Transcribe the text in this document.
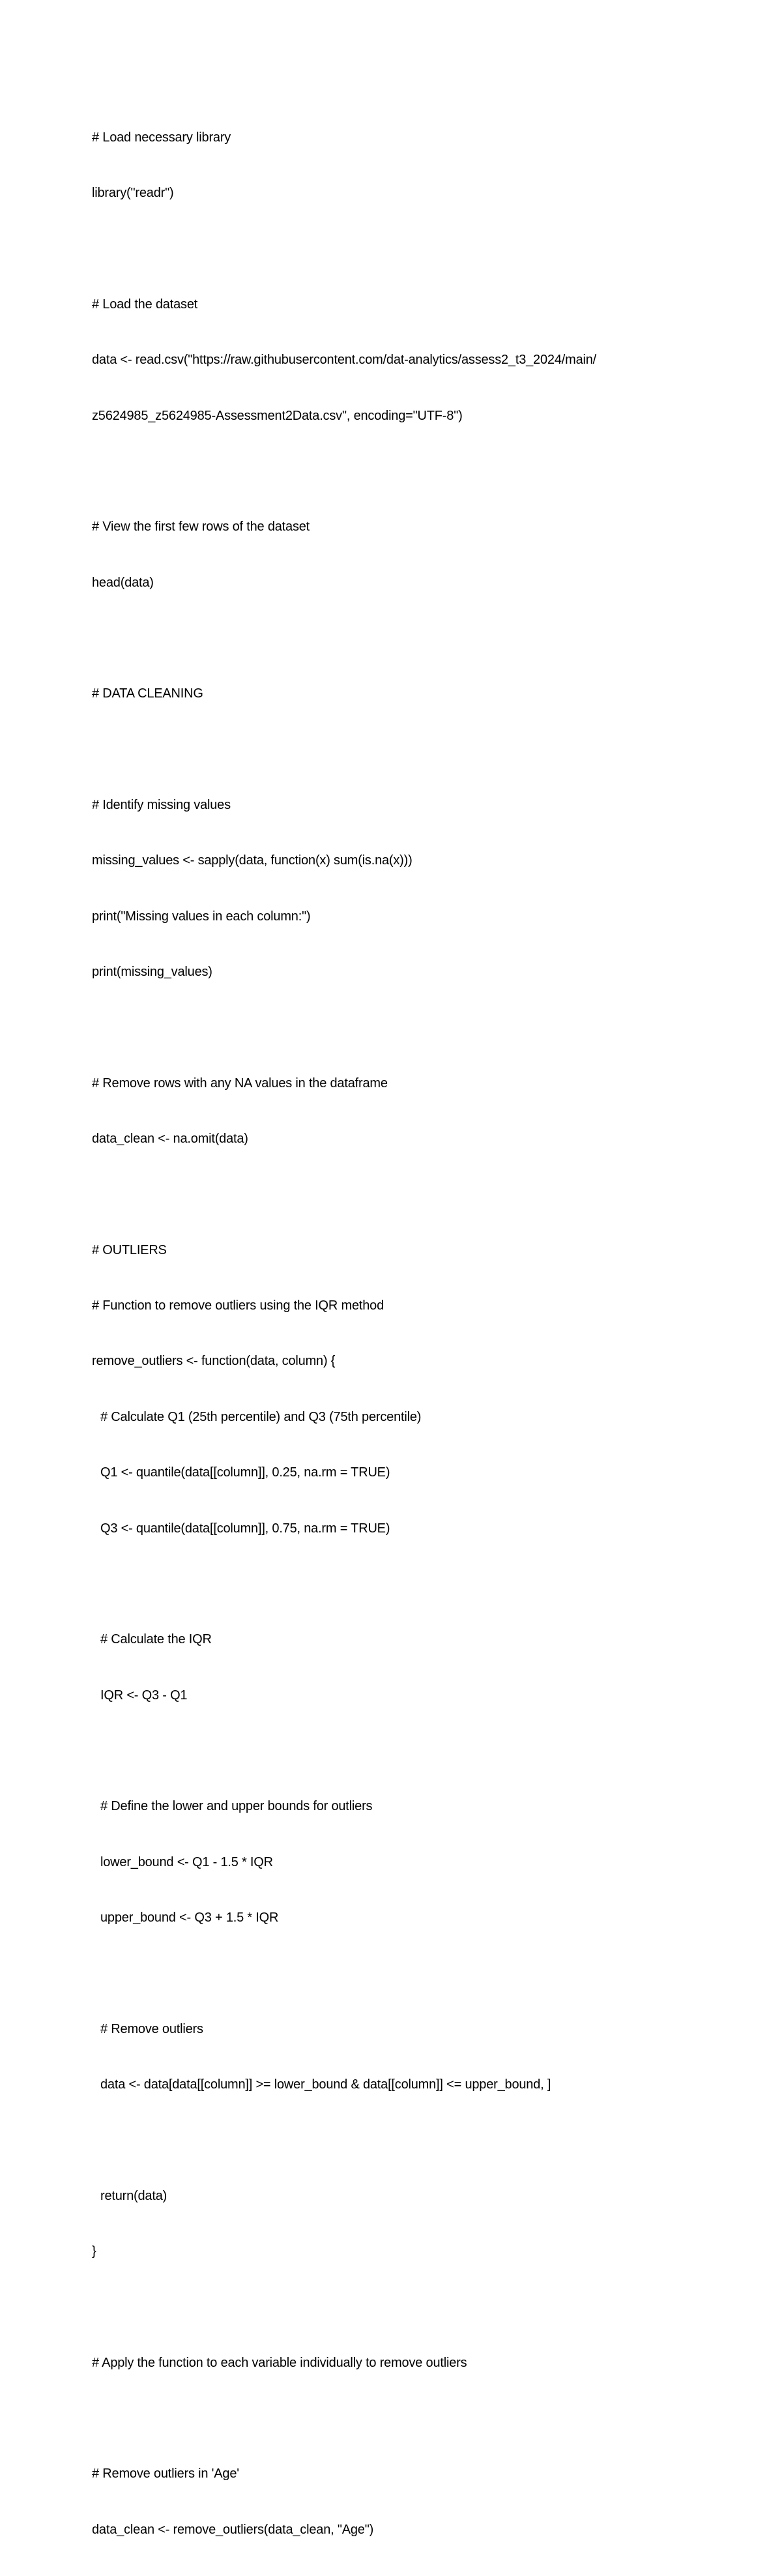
# Load necessary library

library("readr")

# Load the dataset

data <- read.csv("https://raw.githubusercontent.com/dat-analytics/assess2_t3_2024/main/

z5624985_z5624985-Assessment2Data.csv", encoding="UTF-8")

# View the first few rows of the dataset

head(data)

# DATA CLEANING

# Identify missing values

missing_values <- sapply(data, function(x) sum(is.na(x)))

print("Missing values in each column:")

print(missing_values)

# Remove rows with any NA values in the dataframe

data_clean <- na.omit(data)

# OUTLIERS

# Function to remove outliers using the IQR method

remove_outliers <- function(data, column) {

# Calculate Q1 (25th percentile) and Q3 (75th percentile)

Q1 <- quantile(data[[column]], 0.25, na.rm = TRUE)

Q3 <- quantile(data[[column]], 0.75, na.rm = TRUE)

# Calculate the IQR

IQR <- Q3 - Q1

# Define the lower and upper bounds for outliers

lower_bound <- Q1 - 1.5 * IQR

upper_bound <- Q3 + 1.5 * IQR

# Remove outliers

data <- data[data[[column]] >= lower_bound & data[[column]] <= upper_bound, ]

return(data)

}

# Apply the function to each variable individually to remove outliers

# Remove outliers in 'Age'

data_clean <- remove_outliers(data_clean, "Age")
